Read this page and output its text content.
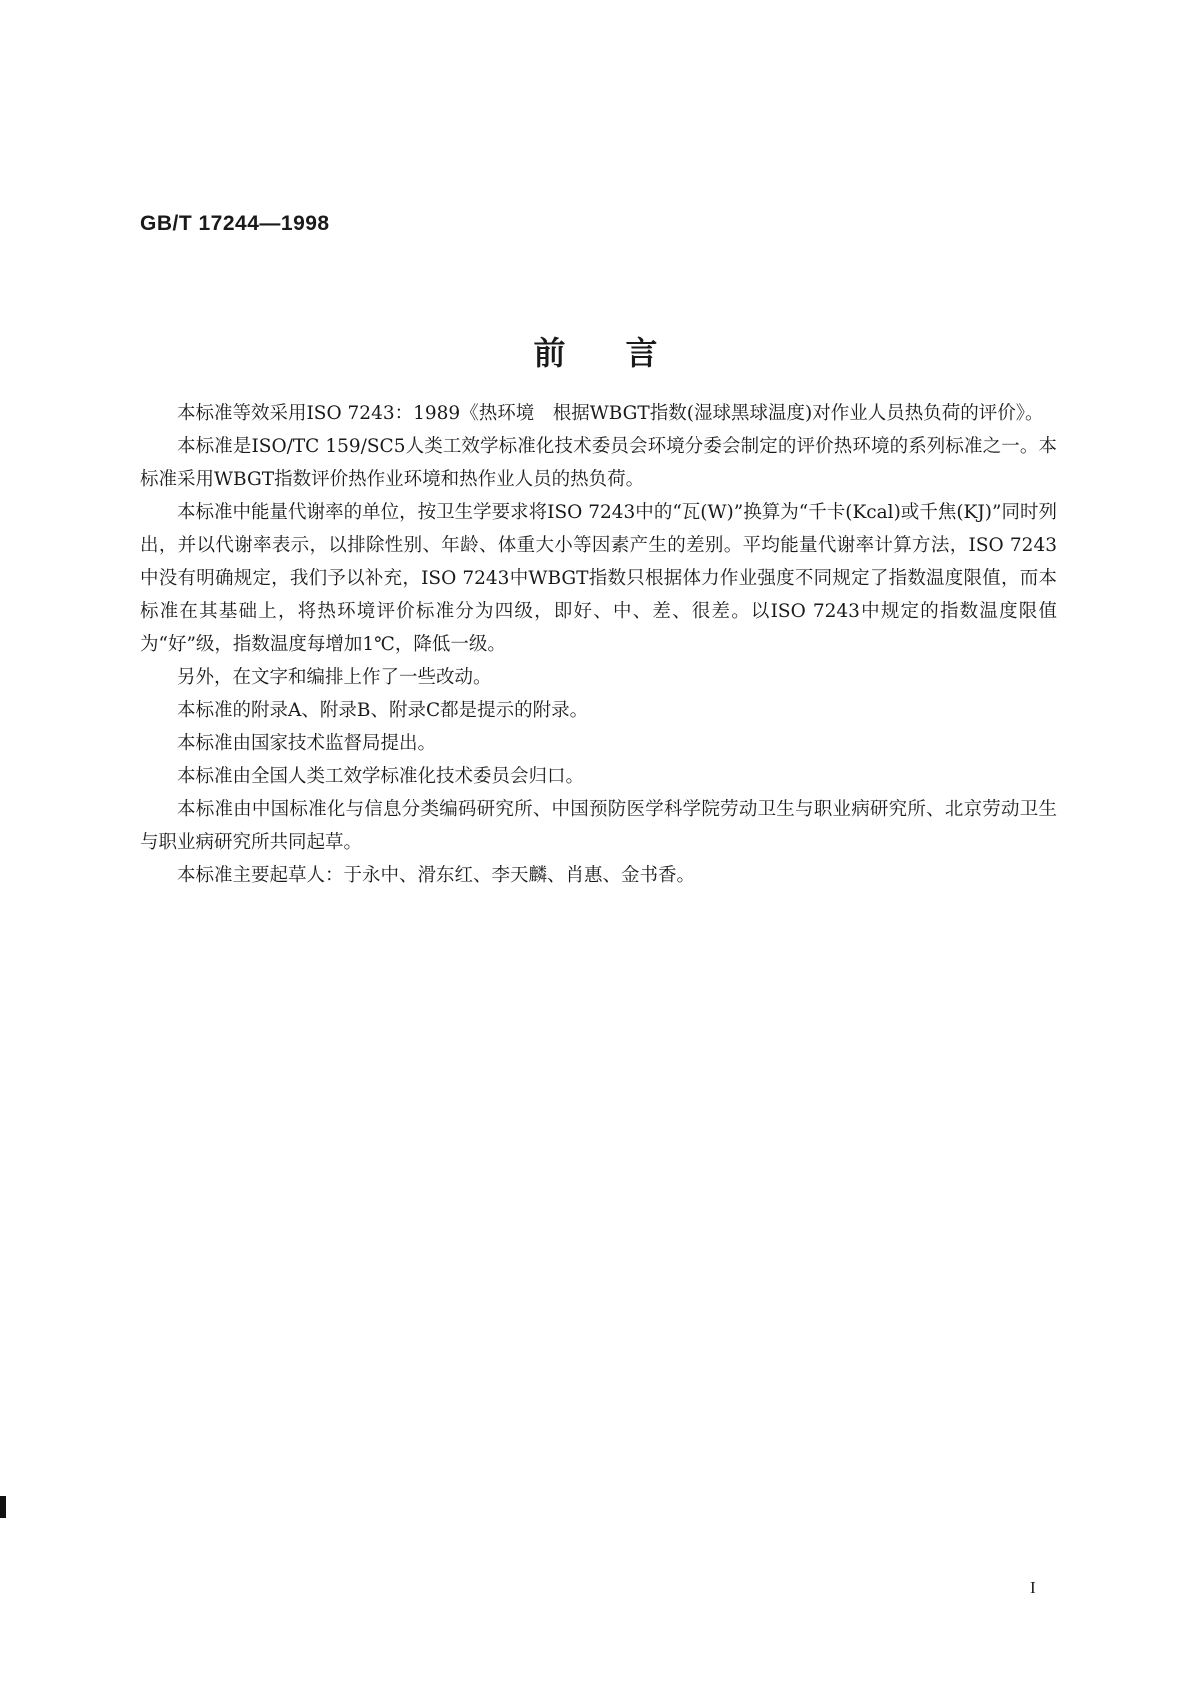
GB/T 17244—1998
前言

本标准等效采用ISO 7243：1989《热环境　根据WBGT指数(湿球黑球温度)对作业人员热负荷的评价》。

本标准是ISO/TC 159/SC5人类工效学标准化技术委员会环境分委会制定的评价热环境的系列标准之一。本标准采用WBGT指数评价热作业环境和热作业人员的热负荷。

本标准中能量代谢率的单位，按卫生学要求将ISO 7243中的“瓦(W)”换算为“千卡(Kcal)或千焦(KJ)”同时列出，并以代谢率表示，以排除性别、年龄、体重大小等因素产生的差别。平均能量代谢率计算方法，ISO 7243中没有明确规定，我们予以补充，ISO 7243中WBGT指数只根据体力作业强度不同规定了指数温度限值，而本标准在其基础上，将热环境评价标准分为四级，即好、中、差、很差。以ISO 7243中规定的指数温度限值为“好”级，指数温度每增加1℃，降低一级。

另外，在文字和编排上作了一些改动。

本标准的附录A、附录B、附录C都是提示的附录。

本标准由国家技术监督局提出。

本标准由全国人类工效学标准化技术委员会归口。

本标准由中国标准化与信息分类编码研究所、中国预防医学科学院劳动卫生与职业病研究所、北京劳动卫生与职业病研究所共同起草。

本标准主要起草人：于永中、滑东红、李天麟、肖惠、金书香。

I
